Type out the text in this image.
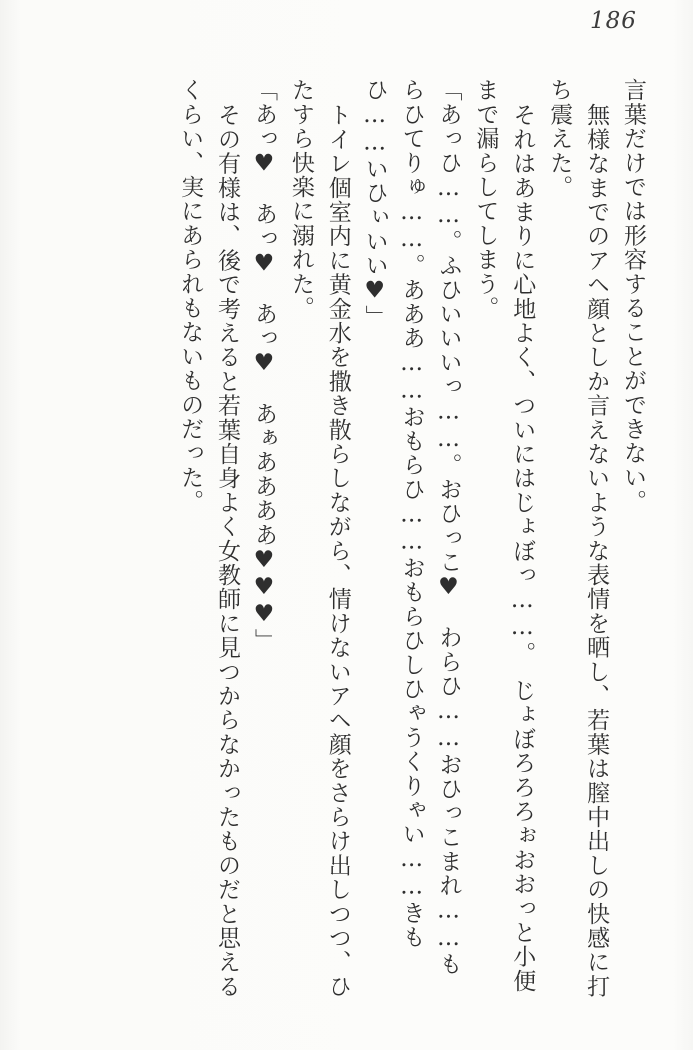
186

言葉だけでは形容することができない。

無様なまでのアヘ顔としか言えないような表情を晒し、若葉は膣中出しの快感に打ち震えた。

それはあまりに心地よく、ついにはじょぼっ……。　じょぼろろろぉおおっと小便まで漏らしてしまう。

「あっひ……。ふひいいいっ……。おひっこ♥　わらひ……おひっこまれ……もらひてりゅ……。あああ……おもらひ……おもらひしひゃうくりゃい……きもひ……いひぃいい♥」

トイレ個室内に黄金水を撒き散らしながら、情けないアヘ顔をさらけ出しつつ、ひたすら快楽に溺れた。

「あっ♥　あっ♥　あっ♥　あぁああああ♥♥♥」

その有様は、後で考えると若葉自身よく女教師に見つからなかったものだと思えるくらい、実にあられもないものだった。
